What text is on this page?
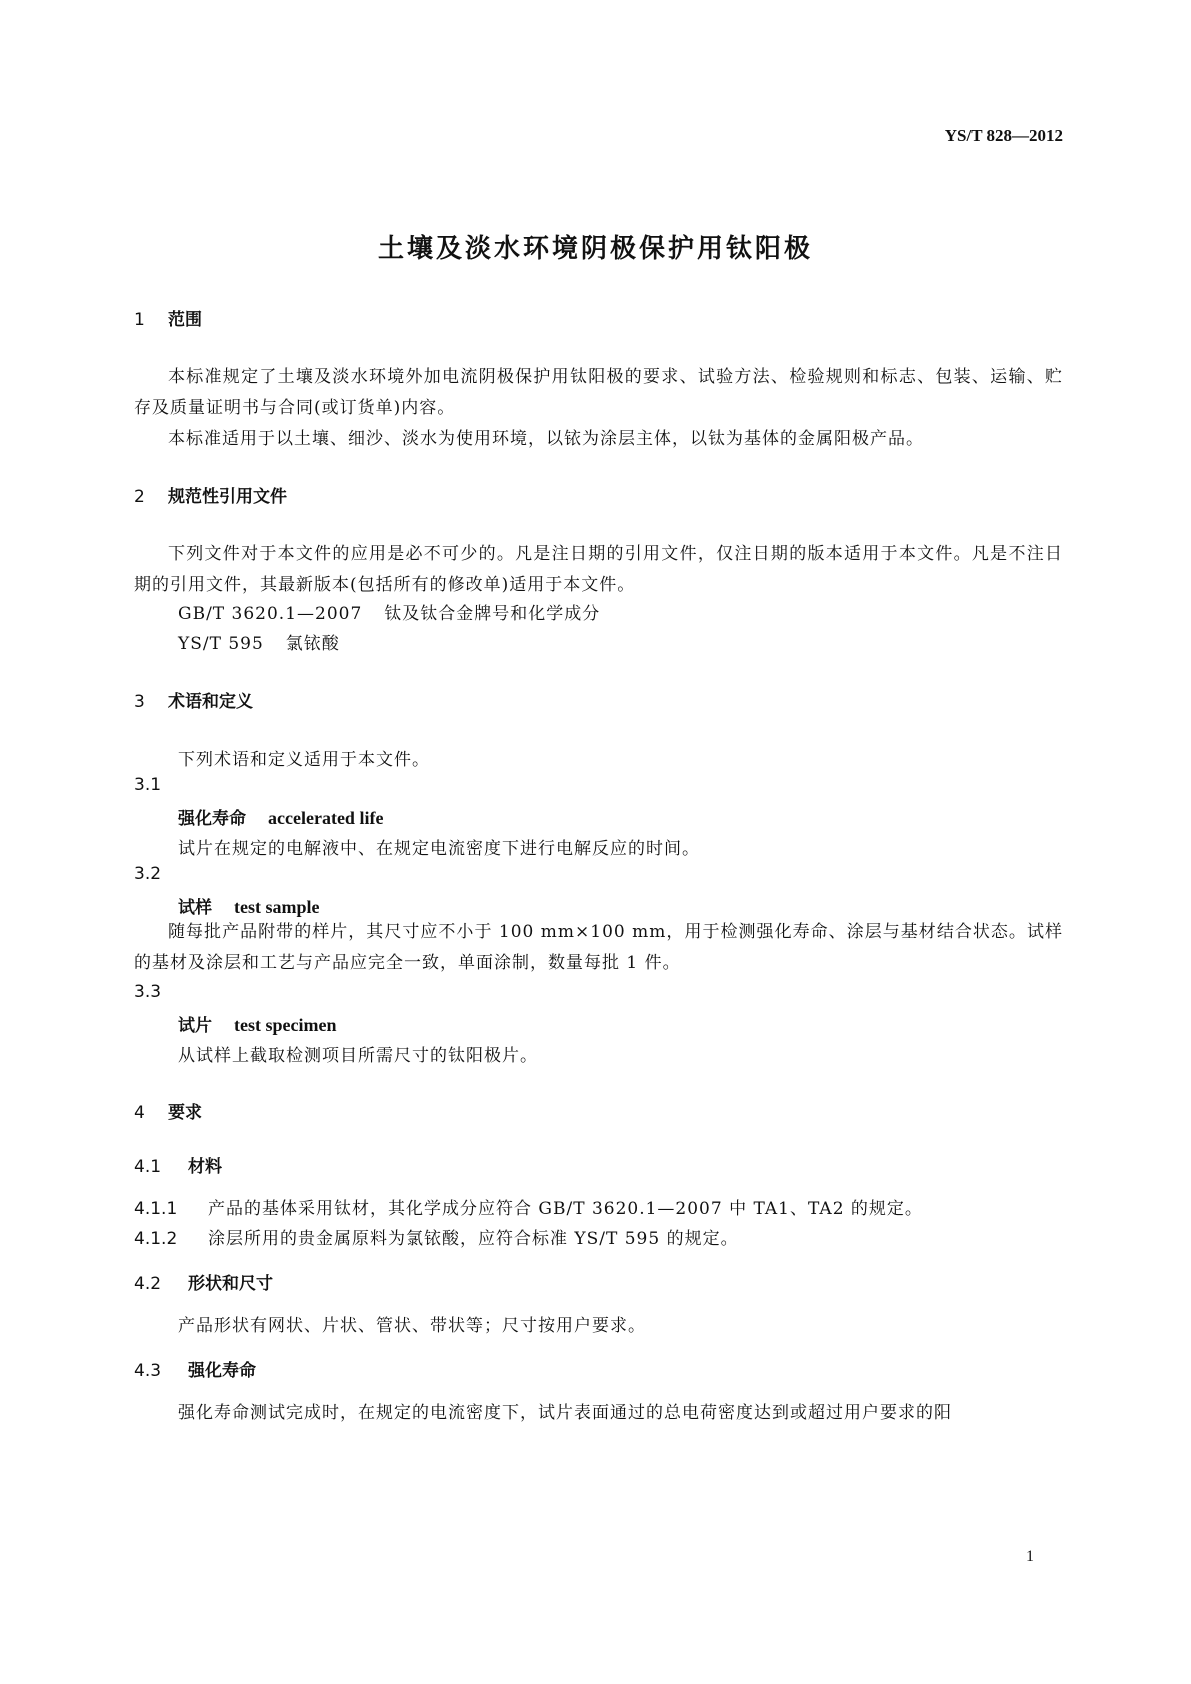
YS/T 828—2012
土壤及淡水环境阴极保护用钛阳极
1 范围
本标准规定了土壤及淡水环境外加电流阴极保护用钛阳极的要求、试验方法、检验规则和标志、包装、运输、贮存及质量证明书与合同(或订货单)内容。
本标准适用于以土壤、细沙、淡水为使用环境，以铱为涂层主体，以钛为基体的金属阳极产品。
2 规范性引用文件
下列文件对于本文件的应用是必不可少的。凡是注日期的引用文件，仅注日期的版本适用于本文件。凡是不注日期的引用文件，其最新版本(包括所有的修改单)适用于本文件。
GB/T 3620.1—2007 钛及钛合金牌号和化学成分
YS/T 595 氯铱酸
3 术语和定义
下列术语和定义适用于本文件。
3.1
强化寿命 accelerated life
试片在规定的电解液中、在规定电流密度下进行电解反应的时间。
3.2
试样 test sample
随每批产品附带的样片，其尺寸应不小于 100 mm×100 mm，用于检测强化寿命、涂层与基材结合状态。试样的基材及涂层和工艺与产品应完全一致，单面涂制，数量每批 1 件。
3.3
试片 test specimen
从试样上截取检测项目所需尺寸的钛阳极片。
4 要求
4.1 材料
4.1.1 产品的基体采用钛材，其化学成分应符合 GB/T 3620.1—2007 中 TA1、TA2 的规定。
4.1.2 涂层所用的贵金属原料为氯铱酸，应符合标准 YS/T 595 的规定。
4.2 形状和尺寸
产品形状有网状、片状、管状、带状等；尺寸按用户要求。
4.3 强化寿命
强化寿命测试完成时，在规定的电流密度下，试片表面通过的总电荷密度达到或超过用户要求的阳
1
